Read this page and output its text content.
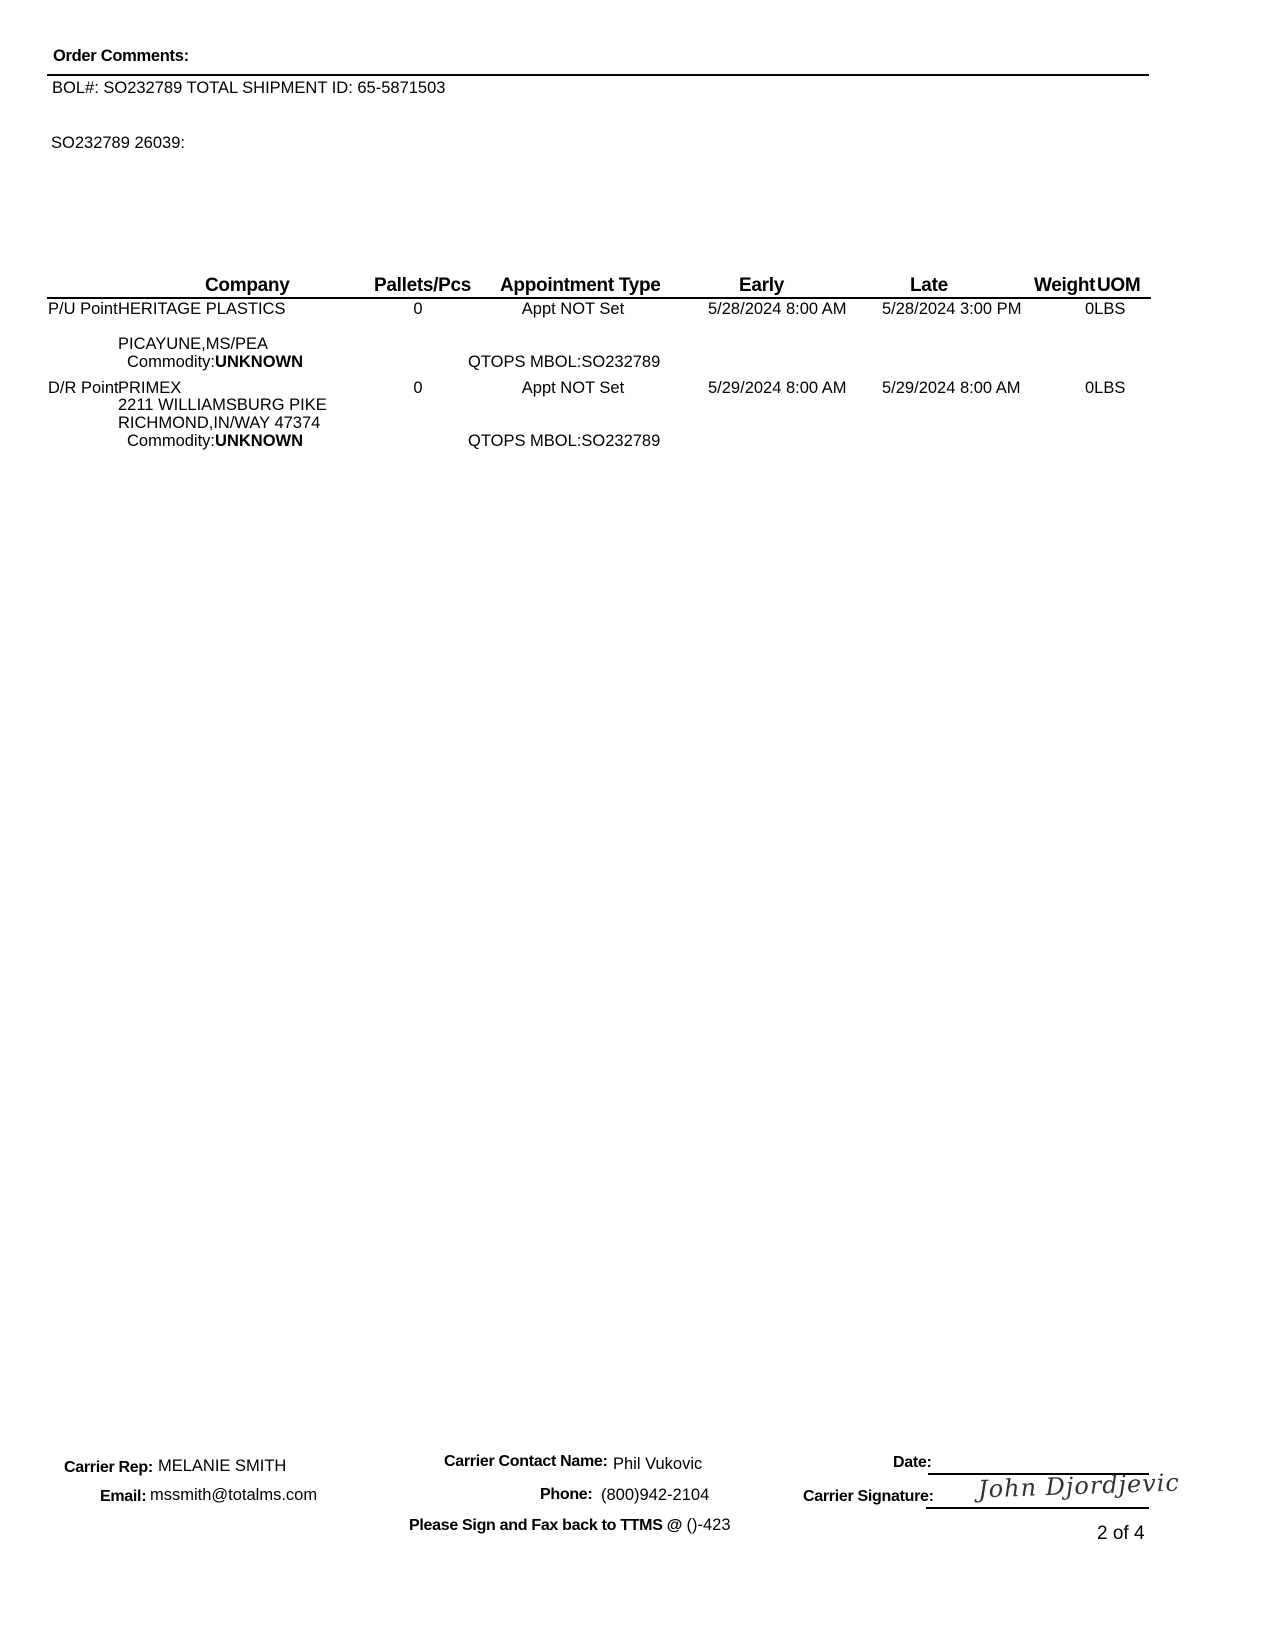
Order Comments:
BOL#: SO232789 TOTAL SHIPMENT ID: 65-5871503
SO232789 26039:
Company	Pallets/Pcs Appointment Type	Early	Late	Weight UOM
P/U Point HERITAGE PLASTICS	0	Appt NOT Set	5/28/2024 8:00 AM 5/28/2024 3:00 PM	0LBS
PICAYUNE,MS/PEA
Commodity:UNKNOWN	QTOPS MBOL:SO232789
D/R Point PRIMEX	0	Appt NOT Set	5/29/2024 8:00 AM 5/29/2024 8:00 AM	0LBS
2211 WILLIAMSBURG PIKE
RICHMOND,IN/WAY 47374
Commodity:UNKNOWN	QTOPS MBOL:SO232789
Carrier Rep: MELANIE SMITH
Email: mssmith@totalms.com
Carrier Contact Name: Phil Vukovic
Phone: (800)942-2104
Please Sign and Fax back to TTMS @ ()-423
Date:
Carrier Signature: John Djordjevic
2 of 4
